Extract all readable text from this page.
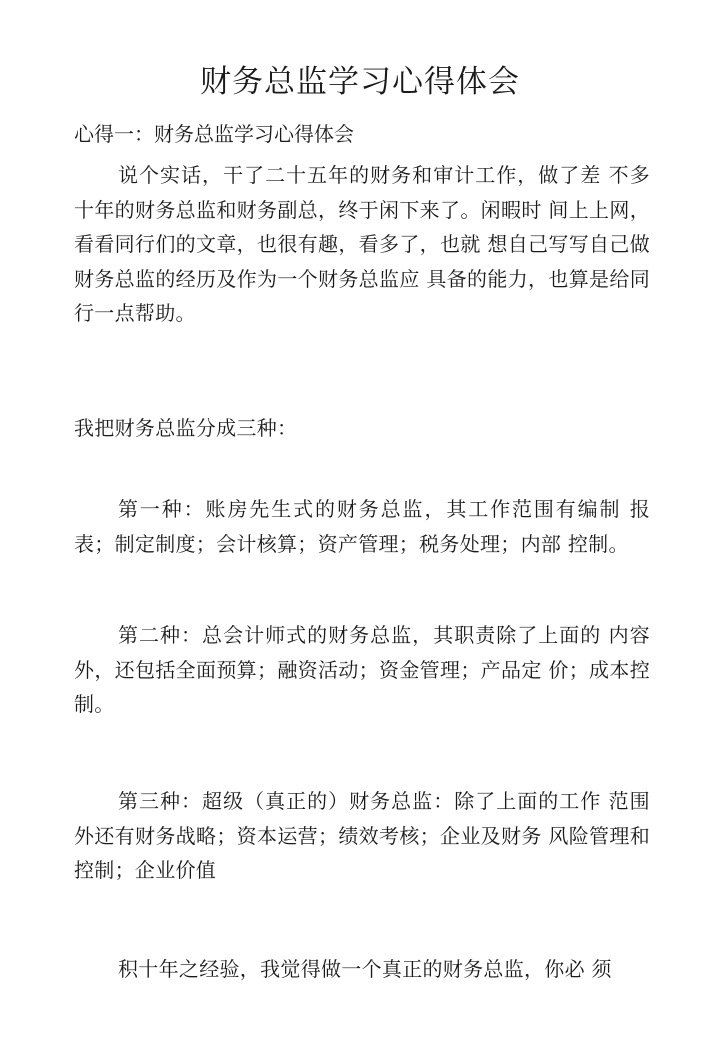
财务总监学习心得体会
心得一：财务总监学习心得体会
说个实话，干了二十五年的财务和审计工作，做了差 不多十年的财务总监和财务副总，终于闲下来了。闲暇时 间上上网，看看同行们的文章，也很有趣，看多了，也就 想自己写写自己做财务总监的经历及作为一个财务总监应 具备的能力，也算是给同行一点帮助。
我把财务总监分成三种：
第一种：账房先生式的财务总监，其工作范围有编制 报表；制定制度；会计核算；资产管理；税务处理；内部 控制。
第二种：总会计师式的财务总监，其职责除了上面的 内容外，还包括全面预算；融资活动；资金管理；产品定 价；成本控制。
第三种：超级（真正的）财务总监：除了上面的工作 范围外还有财务战略；资本运营；绩效考核；企业及财务 风险管理和控制；企业价值
积十年之经验，我觉得做一个真正的财务总监，你必 须
